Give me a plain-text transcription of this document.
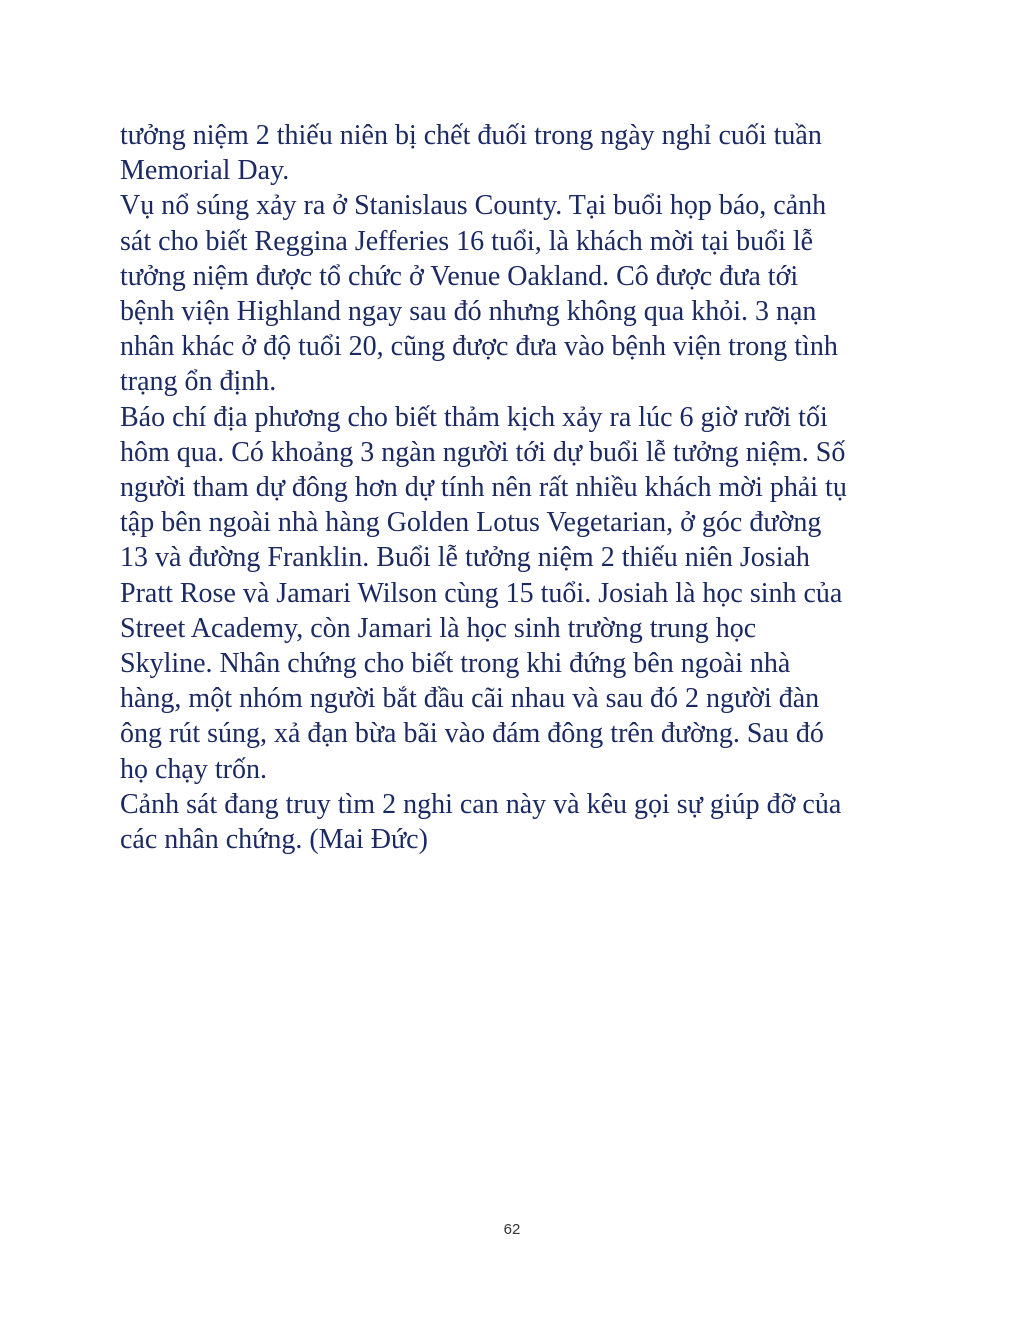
tưởng niệm 2 thiếu niên bị chết đuối trong ngày nghỉ cuối tuần
Memorial Day.
Vụ nổ súng xảy ra ở Stanislaus County. Tại buổi họp báo, cảnh
sát cho biết Reggina Jefferies 16 tuổi, là khách mời tại buổi lễ
tưởng niệm được tổ chức ở Venue Oakland. Cô được đưa tới
bệnh viện Highland ngay sau đó nhưng không qua khỏi. 3 nạn
nhân khác ở độ tuổi 20, cũng được đưa vào bệnh viện trong tình
trạng ổn định.
Báo chí địa phương cho biết thảm kịch xảy ra lúc 6 giờ rưỡi tối
hôm qua. Có khoảng 3 ngàn người tới dự buổi lễ tưởng niệm. Số
người tham dự đông hơn dự tính nên rất nhiều khách mời phải tụ
tập bên ngoài nhà hàng Golden Lotus Vegetarian, ở góc đường
13 và đường Franklin. Buổi lễ tưởng niệm 2 thiếu niên Josiah
Pratt Rose và Jamari Wilson cùng 15 tuổi. Josiah là học sinh của
Street Academy, còn Jamari là học sinh trường trung học
Skyline. Nhân chứng cho biết trong khi đứng bên ngoài nhà
hàng, một nhóm người bắt đầu cãi nhau và sau đó 2 người đàn
ông rút súng, xả đạn bừa bãi vào đám đông trên đường. Sau đó
họ chạy trốn.
Cảnh sát đang truy tìm 2 nghi can này và kêu gọi sự giúp đỡ của
các nhân chứng. (Mai Đức)
62
